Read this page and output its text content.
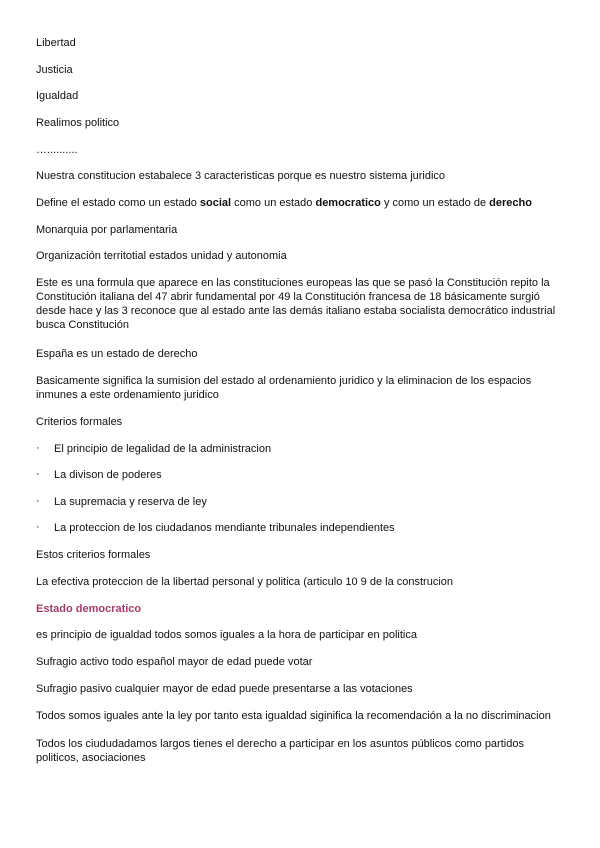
Libertad
Justicia
Igualdad
Realimos politico
…..........
Nuestra constitucion estabalece 3 caracteristicas porque es nuestro sistema juridico
Define el estado como un estado social como un estado democratico y como un estado de derecho
Monarquia por parlamentaria
Organización territotial estados unidad y autonomia
Este es una formula que aparece en las constituciones europeas las que se pasó la Constitución repito la Constitución italiana del 47 abrir fundamental por 49 la Constitución francesa de 18 básicamente surgió desde hace y las 3 reconoce que al estado ante las demás italiano estaba socialista democrático industrial busca Constitución
España es un estado de derecho
Basicamente significa la sumision del estado al ordenamiento juridico y la eliminacion de los espacios inmunes a este ordenamiento juridico
Criterios formales
· El principio de legalidad de la administracion
· La divison de poderes
· La supremacia y reserva de ley
· La proteccion de los ciudadanos mendiante tribunales independientes
Estos criterios formales
La efectiva proteccion de la libertad personal y politica (articulo 10 9 de la construcion
Estado democratico
es principio de igualdad todos somos iguales a la hora de participar en politica
Sufragio activo todo español mayor de edad puede votar
Sufragio pasivo cualquier mayor de edad puede presentarse a las votaciones
Todos somos iguales ante la ley por tanto esta igualdad siginifica la recomendación a la no discriminacion
Todos los ciududadamos largos tienes el derecho a participar en los asuntos públicos como partidos politicos, asociaciones
